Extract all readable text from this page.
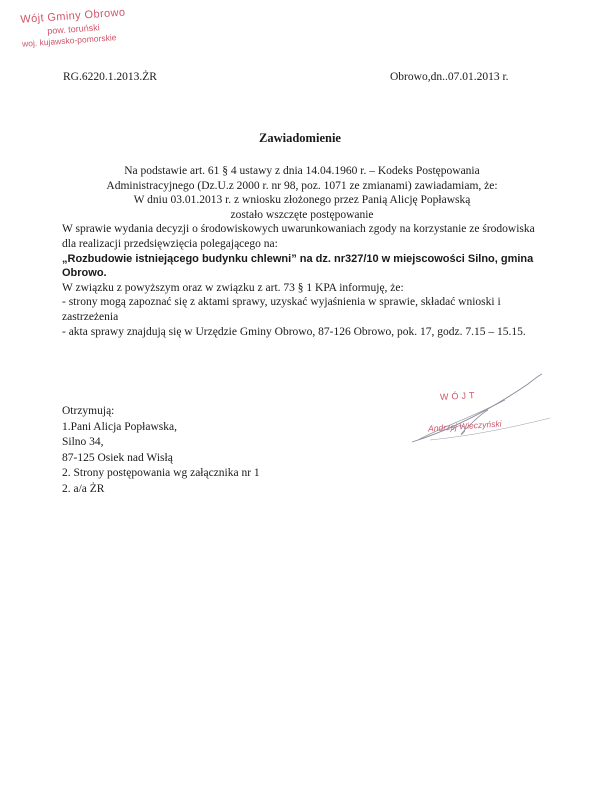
Wójt Gminy Obrowo
pow. toruński
woj. kujawsko-pomorskie
RG.6220.1.2013.ŻR	Obrowo,dn..07.01.2013 r.
Zawiadomienie

Na podstawie art. 61 § 4 ustawy z dnia 14.04.1960 r. – Kodeks Postępowania

Administracyjnego (Dz.U.z 2000 r. nr 98, poz. 1071 ze zmianami) zawiadamiam, że:

W dniu 03.01.2013 r. z wniosku złożonego przez Panią Alicję Popławską

zostało wszczęte postępowanie

W sprawie wydania decyzji o środowiskowych uwarunkowaniach zgody na korzystanie ze środowiska dla realizacji przedsięwzięcia polegającego na:

„Rozbudowie istniejącego budynku chlewni” na dz. nr327/10 w miejscowości Silno, gmina Obrowo.

W związku z powyższym oraz w związku z art. 73 § 1 KPA informuję, że:

- strony mogą zapoznać się z aktami sprawy, uzyskać wyjaśnienia w sprawie, składać wnioski i zastrzeżenia

- akta sprawy znajdują się w Urzędzie Gminy Obrowo, 87-126 Obrowo, pok. 17, godz. 7.15 – 15.15.

Otrzymują:
1.Pani Alicja Popławska,
Silno 34,
87-125 Osiek nad Wisłą
2. Strony postępowania wg załącznika nr 1
2. a/a ŻR
WÓJT
Andrzej Wieczyński
